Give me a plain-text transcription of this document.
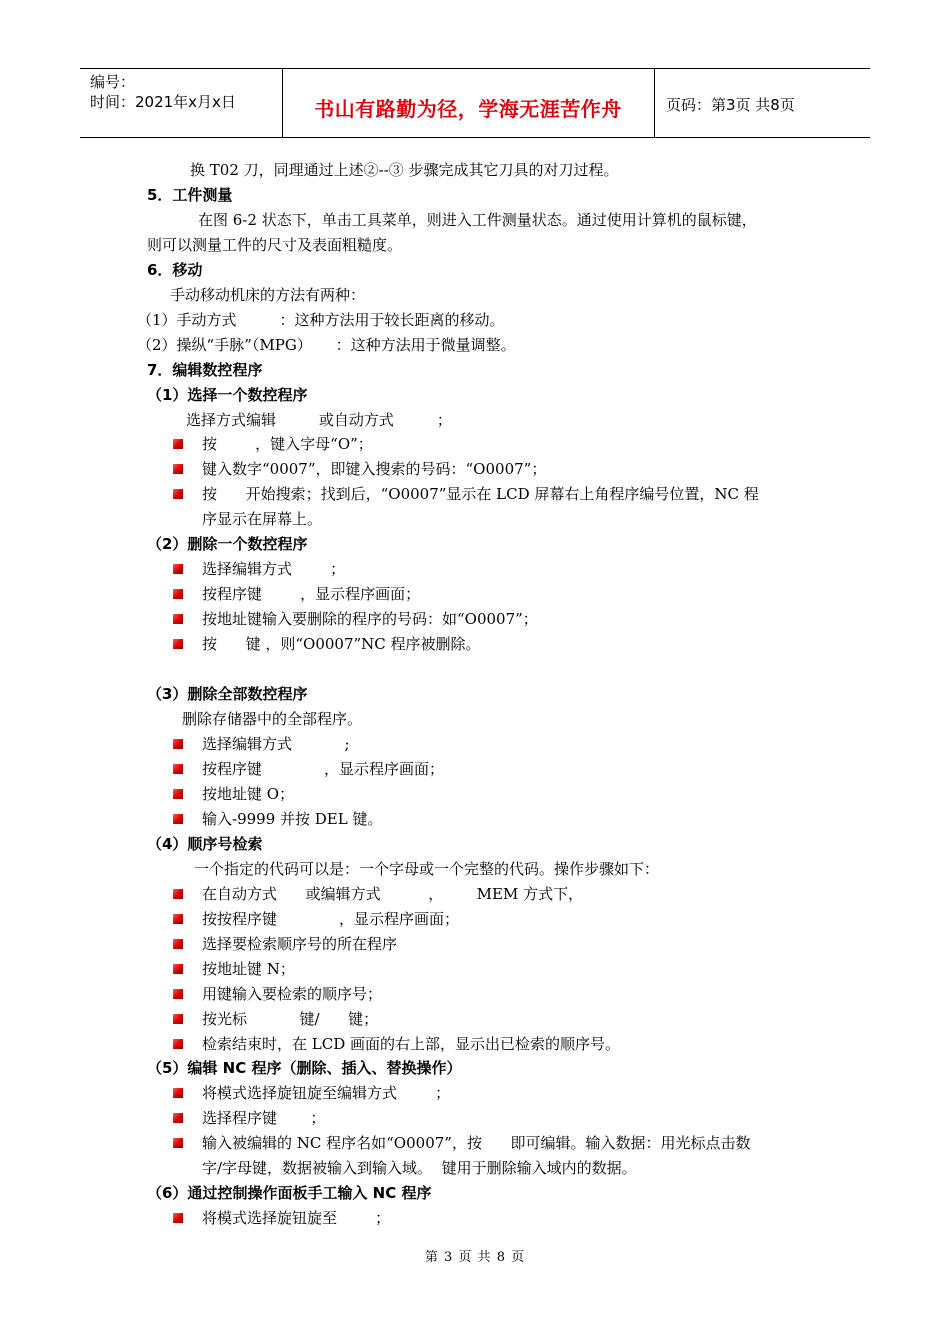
编号：
时间：2021年x月x日	书山有路勤为径，学海无涯苦作舟	页码：第3页 共8页
换 T02 刀，同理通过上述②--③ 步骤完成其它刀具的对刀过程。
5．工件测量
在图 6-2 状态下，单击工具菜单，则进入工件测量状态。通过使用计算机的鼠标键，
则可以测量工件的尺寸及表面粗糙度。
6．移动
手动移动机床的方法有两种：
（1）手动方式         ：这种方法用于较长距离的移动。
（2）操纵“手脉”（MPG）     ：这种方法用于微量调整。
7．编辑数控程序
（1）选择一个数控程序
选择方式编辑         或自动方式         ；
按        ，键入字母“O”；
键入数字“0007”，即键入搜索的号码：“O0007”；
按      开始搜索；找到后，“O0007”显示在 LCD 屏幕右上角程序编号位置，NC 程
序显示在屏幕上。
（2）删除一个数控程序
选择编辑方式        ；
按程序键        ，显示程序画面；
按地址键输入要删除的程序的号码：如“O0007”；
按      键 ，则“O0007”NC 程序被删除。
（3）删除全部数控程序
删除存储器中的全部程序。
选择编辑方式           ;
按程序键             ，显示程序画面；
按地址键 O；
输入-9999 并按 DEL 键。
（4）顺序号检索
一个指定的代码可以是：一个字母或一个完整的代码。操作步骤如下：
在自动方式      或编辑方式          ，       MEM 方式下，
按按程序键             ，显示程序画面；
选择要检索顺序号的所在程序
按地址键 N；
用键输入要检索的顺序号；
按光标           键/      键；
检索结束时，在 LCD 画面的右上部，显示出已检索的顺序号。
（5）编辑 NC 程序（删除、插入、替换操作）
将模式选择旋钮旋至编辑方式        ；
选择程序键       ；
输入被编辑的 NC 程序名如“O0007”，按      即可编辑。输入数据：用光标点击数
字/字母键，数据被输入到输入域。  键用于删除输入域内的数据。
（6）通过控制操作面板手工输入 NC 程序
将模式选择旋钮旋至        ；
第 3 页 共 8 页
